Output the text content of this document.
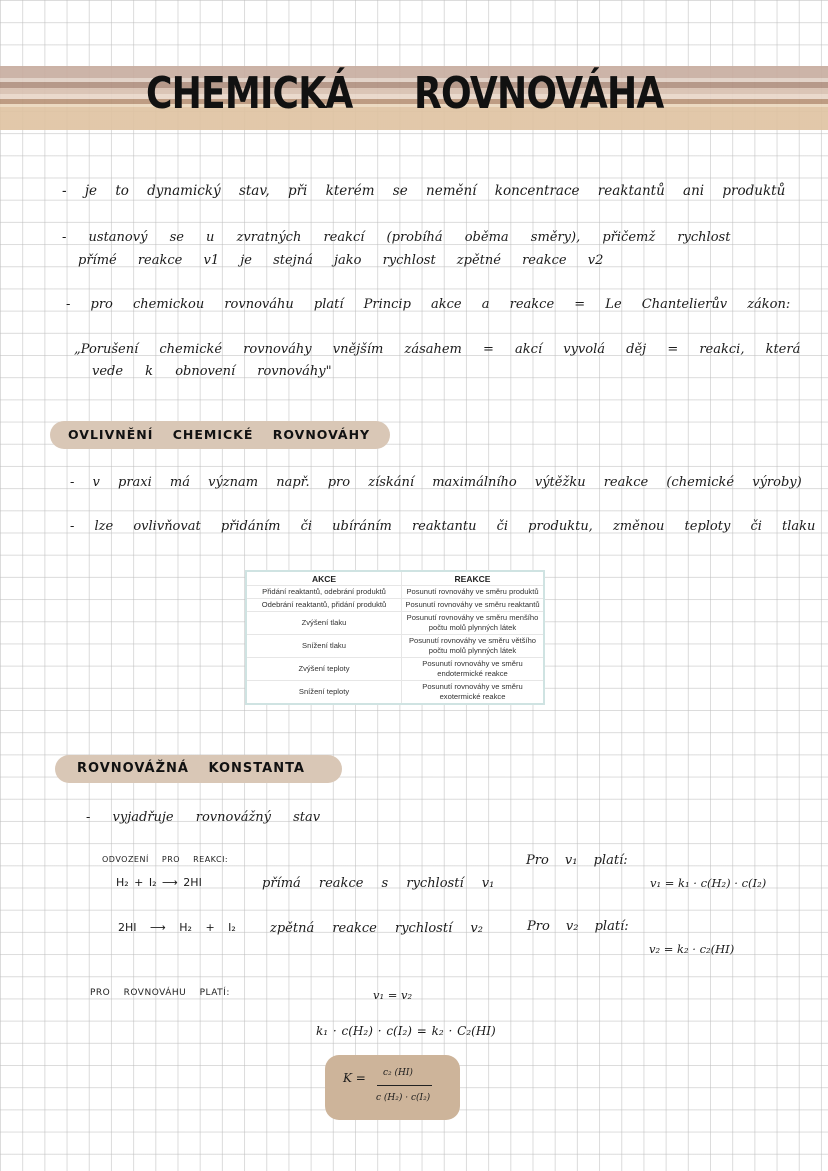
CHEMICKÁ ROVNOVÁHA
- je to dynamický stav, při kterém se nemění koncentrace reaktantů ani produktů
- ustanový se u zvratných reakcí (probíhá oběma směry), přičemž rychlost
přímé reakce v1 je stejná jako rychlost zpětné reakce v2
- pro chemickou rovnováhu platí Princip akce a reakce = Le Chantelierův zákon:
„Porušení chemické rovnováhy vnějším zásahem = akcí vyvolá děj = reakci, která
vede k obnovení rovnováhy"
OVLIVNĚNÍ CHEMICKÉ ROVNOVÁHY
- v praxi má význam např. pro získání maximálního výtěžku reakce (chemické výroby)
- lze ovlivňovat přidáním či ubíráním reaktantu či produktu, změnou teploty či tlaku
AKCE	REAKCE
Přidání reaktantů, odebrání produktů	Posunutí rovnováhy ve směru produktů
Odebrání reaktantů, přidání produktů	Posunutí rovnováhy ve směru reaktantů
Zvýšení tlaku	Posunutí rovnováhy ve směru menšího počtu molů plynných látek
Snížení tlaku	Posunutí rovnováhy ve směru většího počtu molů plynných látek
Zvýšení teploty	Posunutí rovnováhy ve směru endotermické reakce
Snížení teploty	Posunutí rovnováhy ve směru exotermické reakce
ROVNOVÁŽNÁ KONSTANTA
- vyjadřuje rovnovážný stav
ODVOZENÍ PRO REAKCI:
H₂ + I₂ ⟶ 2HI	přímá reakce s rychlostí v₁
2HI ⟶ H₂ + I₂	zpětná reakce rychlostí v₂
Pro v₁ platí:
v₁ = k₁ · c(H₂) · c(I₂)
Pro v₂ platí:
v₂ = k₂ · c₂(HI)
PRO ROVNOVÁHU PLATÍ:	v₁ = v₂
k₁ · c(H₂) · c(I₂) = k₂ · C₂(HI)
K = c₂ (HI)
c (H₂) · c(I₂)
